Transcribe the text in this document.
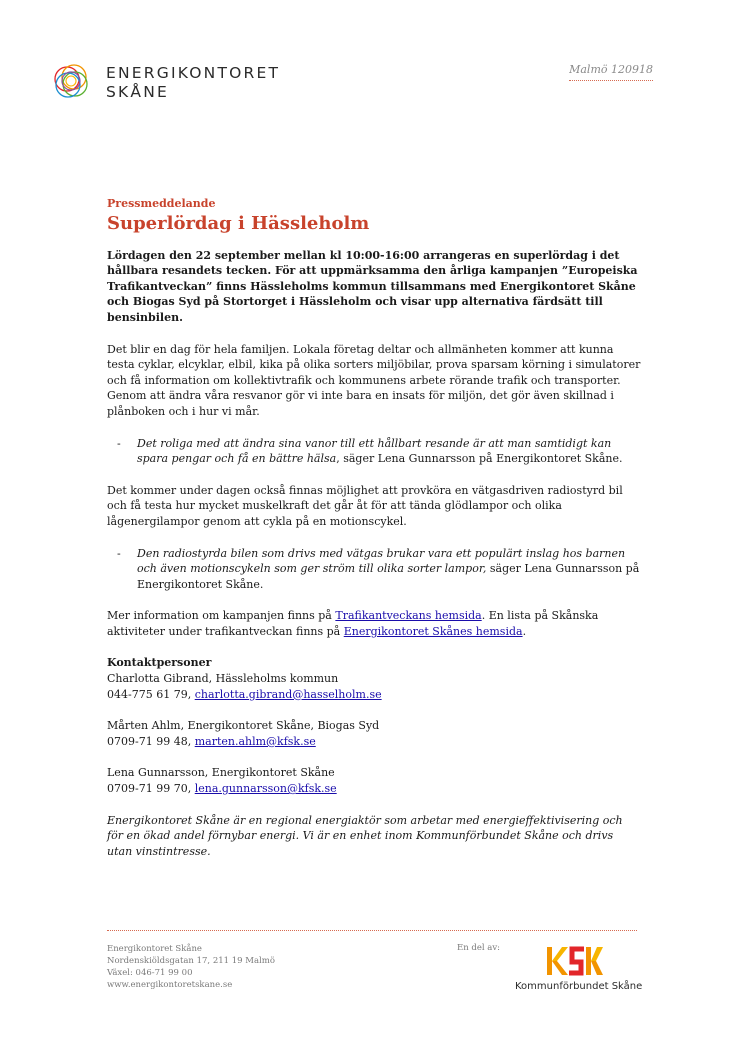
ENERGIKONTORET
SKÅNE
Malmö 120918
Pressmeddelande
Superlördag i Hässleholm

Lördagen den 22 september mellan kl 10:00-16:00 arrangeras en superlördag i det hållbara resandets tecken. För att uppmärksamma den årliga kampanjen ”Europeiska Trafikantveckan” finns Hässleholms kommun tillsammans med Energikontoret Skåne och Biogas Syd på Stortorget i Hässleholm och visar upp alternativa färdsätt till bensinbilen.

Det blir en dag för hela familjen. Lokala företag deltar och allmänheten kommer att kunna testa cyklar, elcyklar, elbil, kika på olika sorters miljöbilar, prova sparsam körning i simulatorer och få information om kollektivtrafik och kommunens arbete rörande trafik och transporter. Genom att ändra våra resvanor gör vi inte bara en insats för miljön, det gör även skillnad i plånboken och i hur vi mår.

- Det roliga med att ändra sina vanor till ett hållbart resande är att man samtidigt kan spara pengar och få en bättre hälsa, säger Lena Gunnarsson på Energikontoret Skåne.

Det kommer under dagen också finnas möjlighet att provköra en vätgasdriven radiostyrd bil och få testa hur mycket muskelkraft det går åt för att tända glödlampor och olika lågenergilampor genom att cykla på en motionscykel.

- Den radiostyrda bilen som drivs med vätgas brukar vara ett populärt inslag hos barnen och även motionscykeln som ger ström till olika sorter lampor, säger Lena Gunnarsson på Energikontoret Skåne.

Mer information om kampanjen finns på Trafikantveckans hemsida. En lista på Skånska aktiviteter under trafikantveckan finns på Energikontoret Skånes hemsida.

Kontaktpersoner
Charlotta Gibrand, Hässleholms kommun
044-775 61 79, charlotta.gibrand@hasselholm.se
Mårten Ahlm, Energikontoret Skåne, Biogas Syd
0709-71 99 48, marten.ahlm@kfsk.se
Lena Gunnarsson, Energikontoret Skåne
0709-71 99 70, lena.gunnarsson@kfsk.se

Energikontoret Skåne är en regional energiaktör som arbetar med energieffektivisering och för en ökad andel förnybar energi. Vi är en enhet inom Kommunförbundet Skåne och drivs utan vinstintresse.

Energikontoret Skåne
Nordenskiöldsgatan 17, 211 19 Malmö
Växel: 046-71 99 00
www.energikontoretskane.se
En del av:
Kommunförbundet Skåne
